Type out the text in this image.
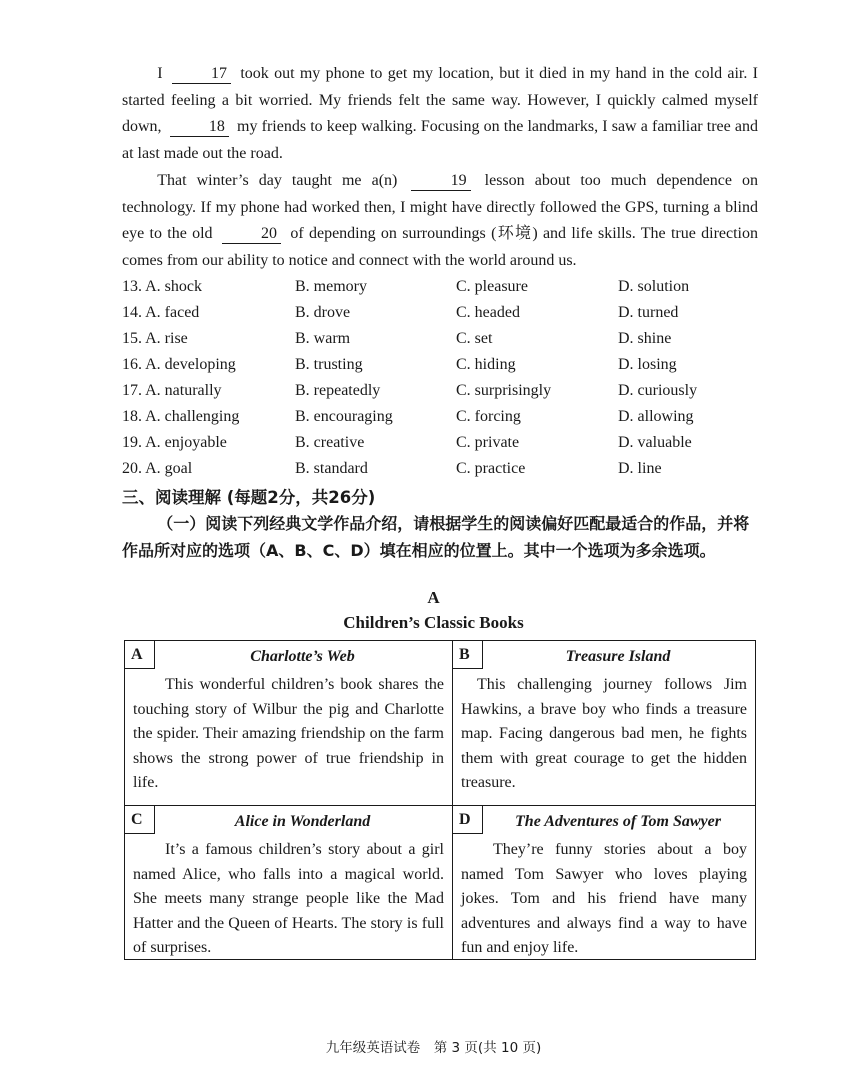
I	17 took out my phone to get my location, but it died in my hand in the cold air. I started feeling a bit worried. My friends felt the same way. However, I quickly calmed myself down,	18 my friends to keep walking. Focusing on the landmarks, I saw a familiar tree and at last made out the road.

That winter’s day taught me a(n)	19 lesson about too much dependence on technology. If my phone had worked then, I might have directly followed the GPS, turning a blind eye to the old	20 of depending on surroundings (环境) and life skills. The true direction comes from our ability to notice and connect with the world around us.

13. A. shock	B. memory	C. pleasure	D. solution
14. A. faced	B. drove	C. headed	D. turned
15. A. rise	B. warm	C. set	D. shine
16. A. developing	B. trusting	C. hiding	D. losing
17. A. naturally	B. repeatedly	C. surprisingly	D. curiously
18. A. challenging	B. encouraging	C. forcing	D. allowing
19. A. enjoyable	B. creative	C. private	D. valuable
20. A. goal	B. standard	C. practice	D. line
三、阅读理解 (每题2分，共26分)
（一）阅读下列经典文学作品介绍，请根据学生的阅读偏好匹配最适合的作品，并将作品所对应的选项（A、B、C、D）填在相应的位置上。其中一个选项为多余选项。
A
Children’s Classic Books
A	Charlotte’s Web

This wonderful children’s book shares the touching story of Wilbur the pig and Charlotte the spider. Their amazing friendship on the farm shows the strong power of true friendship in life.

B	Treasure Island

This challenging journey follows Jim Hawkins, a brave boy who finds a treasure map. Facing dangerous bad men, he fights them with great courage to get the hidden treasure.

C	Alice in Wonderland

It’s a famous children’s story about a girl named Alice, who falls into a magical world. She meets many strange people like the Mad Hatter and the Queen of Hearts. The story is full of surprises.

D	The Adventures of Tom Sawyer

They’re funny stories about a boy named Tom Sawyer who loves playing jokes. Tom and his friend have many adventures and always find a way to have fun and enjoy life.

九年级英语试卷　第 3 页(共 10 页)
